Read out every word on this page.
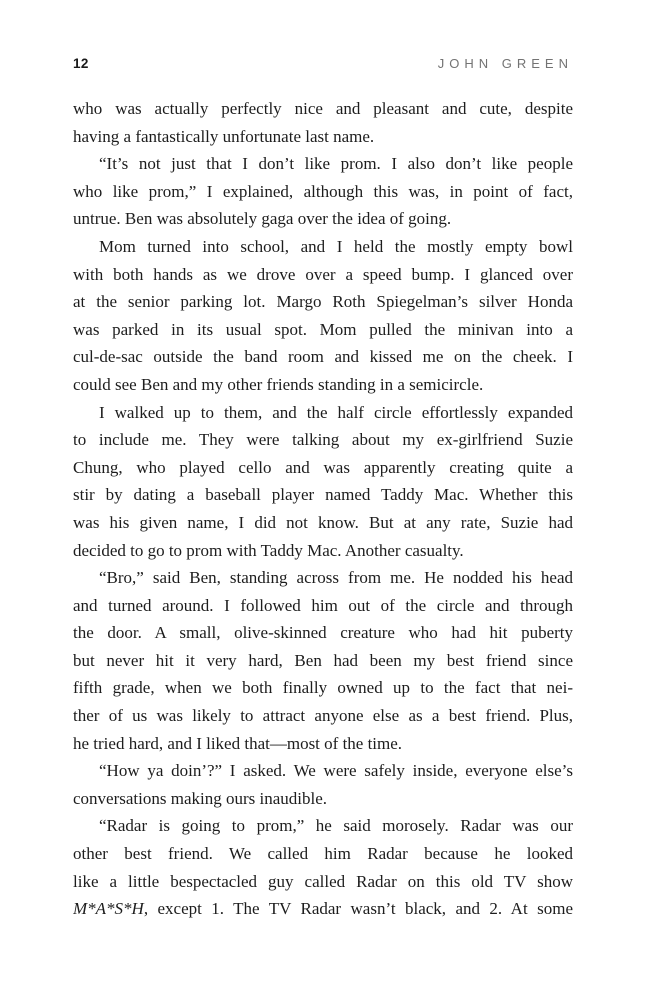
12	JOHN GREEN
who was actually perfectly nice and pleasant and cute, despite
having a fantastically unfortunate last name.
“It’s not just that I don’t like prom. I also don’t like people
who like prom,” I explained, although this was, in point of fact,
untrue. Ben was absolutely gaga over the idea of going.
Mom turned into school, and I held the mostly empty bowl
with both hands as we drove over a speed bump. I glanced over
at the senior parking lot. Margo Roth Spiegelman’s silver Honda
was parked in its usual spot. Mom pulled the minivan into a
cul-de-sac outside the band room and kissed me on the cheek. I
could see Ben and my other friends standing in a semicircle.
I walked up to them, and the half circle effortlessly expanded
to include me. They were talking about my ex-girlfriend Suzie
Chung, who played cello and was apparently creating quite a
stir by dating a baseball player named Taddy Mac. Whether this
was his given name, I did not know. But at any rate, Suzie had
decided to go to prom with Taddy Mac. Another casualty.
“Bro,” said Ben, standing across from me. He nodded his head
and turned around. I followed him out of the circle and through
the door. A small, olive-skinned creature who had hit puberty
but never hit it very hard, Ben had been my best friend since
fifth grade, when we both finally owned up to the fact that nei-
ther of us was likely to attract anyone else as a best friend. Plus,
he tried hard, and I liked that—most of the time.
“How ya doin’?” I asked. We were safely inside, everyone else’s
conversations making ours inaudible.
“Radar is going to prom,” he said morosely. Radar was our
other best friend. We called him Radar because he looked
like a little bespectacled guy called Radar on this old TV show
M*A*S*H, except 1. The TV Radar wasn’t black, and 2. At some
